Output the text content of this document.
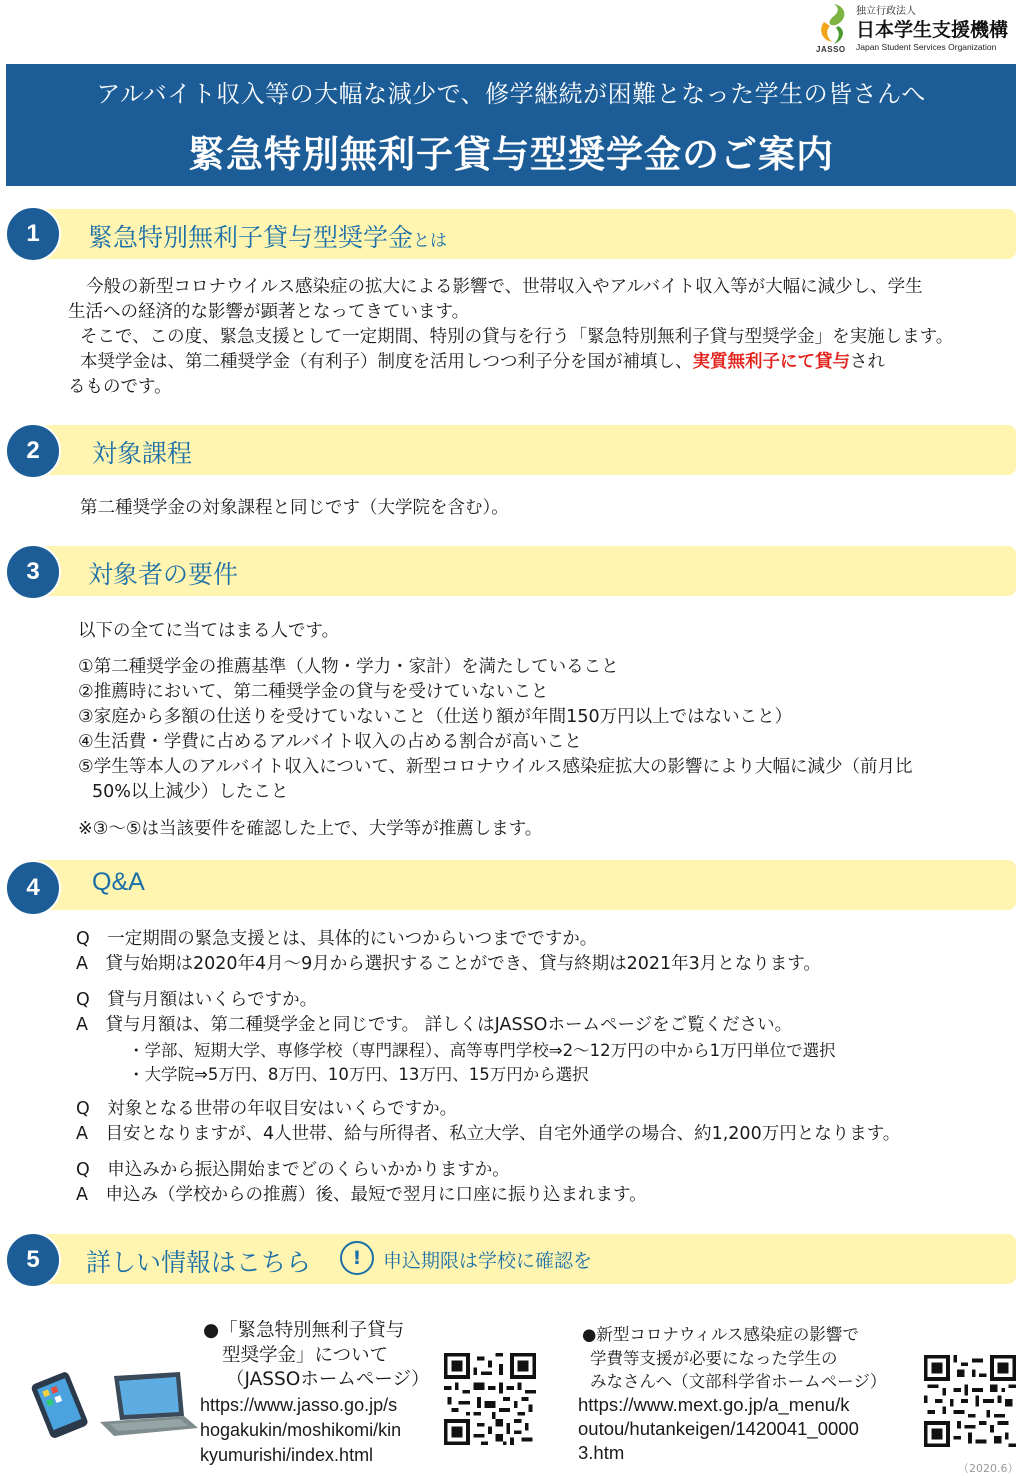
JASSO
独立行政法人
日本学生支援機構
Japan Student Services Organization
アルバイト収入等の大幅な減少で、修学継続が困難となった学生の皆さんへ
緊急特別無利子貸与型奨学金のご案内
1	緊急特別無利子貸与型奨学金とは
今般の新型コロナウイルス感染症の拡大による影響で、世帯収入やアルバイト収入等が大幅に減少し、学生
生活への経済的な影響が顕著となってきています。
そこで、この度、緊急支援として一定期間、特別の貸与を行う「緊急特別無利子貸与型奨学金」を実施します。
本奨学金は、第二種奨学金（有利子）制度を活用しつつ利子分を国が補填し、実質無利子にて貸与され
るものです。
2	対象課程
第二種奨学金の対象課程と同じです（大学院を含む）。
3	対象者の要件
以下の全てに当てはまる人です。
①第二種奨学金の推薦基準（人物・学力・家計）を満たしていること
②推薦時において、第二種奨学金の貸与を受けていないこと
③家庭から多額の仕送りを受けていないこと（仕送り額が年間150万円以上ではないこと）
④生活費・学費に占めるアルバイト収入の占める割合が高いこと
⑤学生等本人のアルバイト収入について、新型コロナウイルス感染症拡大の影響により大幅に減少（前月比
50%以上減少）したこと
※③～⑤は当該要件を確認した上で、大学等が推薦します。
4	Q&A
Q　一定期間の緊急支援とは、具体的にいつからいつまでですか。
A　貸与始期は2020年4月～9月から選択することができ、貸与終期は2021年3月となります。
Q　貸与月額はいくらですか。
A　貸与月額は、第二種奨学金と同じです。 詳しくはJASSOホームページをご覧ください。
・学部、短期大学、専修学校（専門課程）、高等専門学校⇒2～12万円の中から1万円単位で選択
・大学院⇒5万円、8万円、10万円、13万円、15万円から選択
Q　対象となる世帯の年収目安はいくらですか。
A　目安となりますが、4人世帯、給与所得者、私立大学、自宅外通学の場合、約1,200万円となります。
Q　申込みから振込開始までどのくらいかかりますか。
A　申込み（学校からの推薦）後、最短で翌月に口座に振り込まれます。
5	詳しい情報はこちら	!	申込期限は学校に確認を
●「緊急特別無利子貸与
型奨学金」について
（JASSOホームページ）
https://www.jasso.go.jp/s
hogakukin/moshikomi/kin
kyumurishi/index.html
●新型コロナウィルス感染症の影響で
学費等支援が必要になった学生の
みなさんへ（文部科学省ホームページ）
https://www.mext.go.jp/a_menu/k
outou/hutankeigen/1420041_0000
3.htm
（2020.6）
